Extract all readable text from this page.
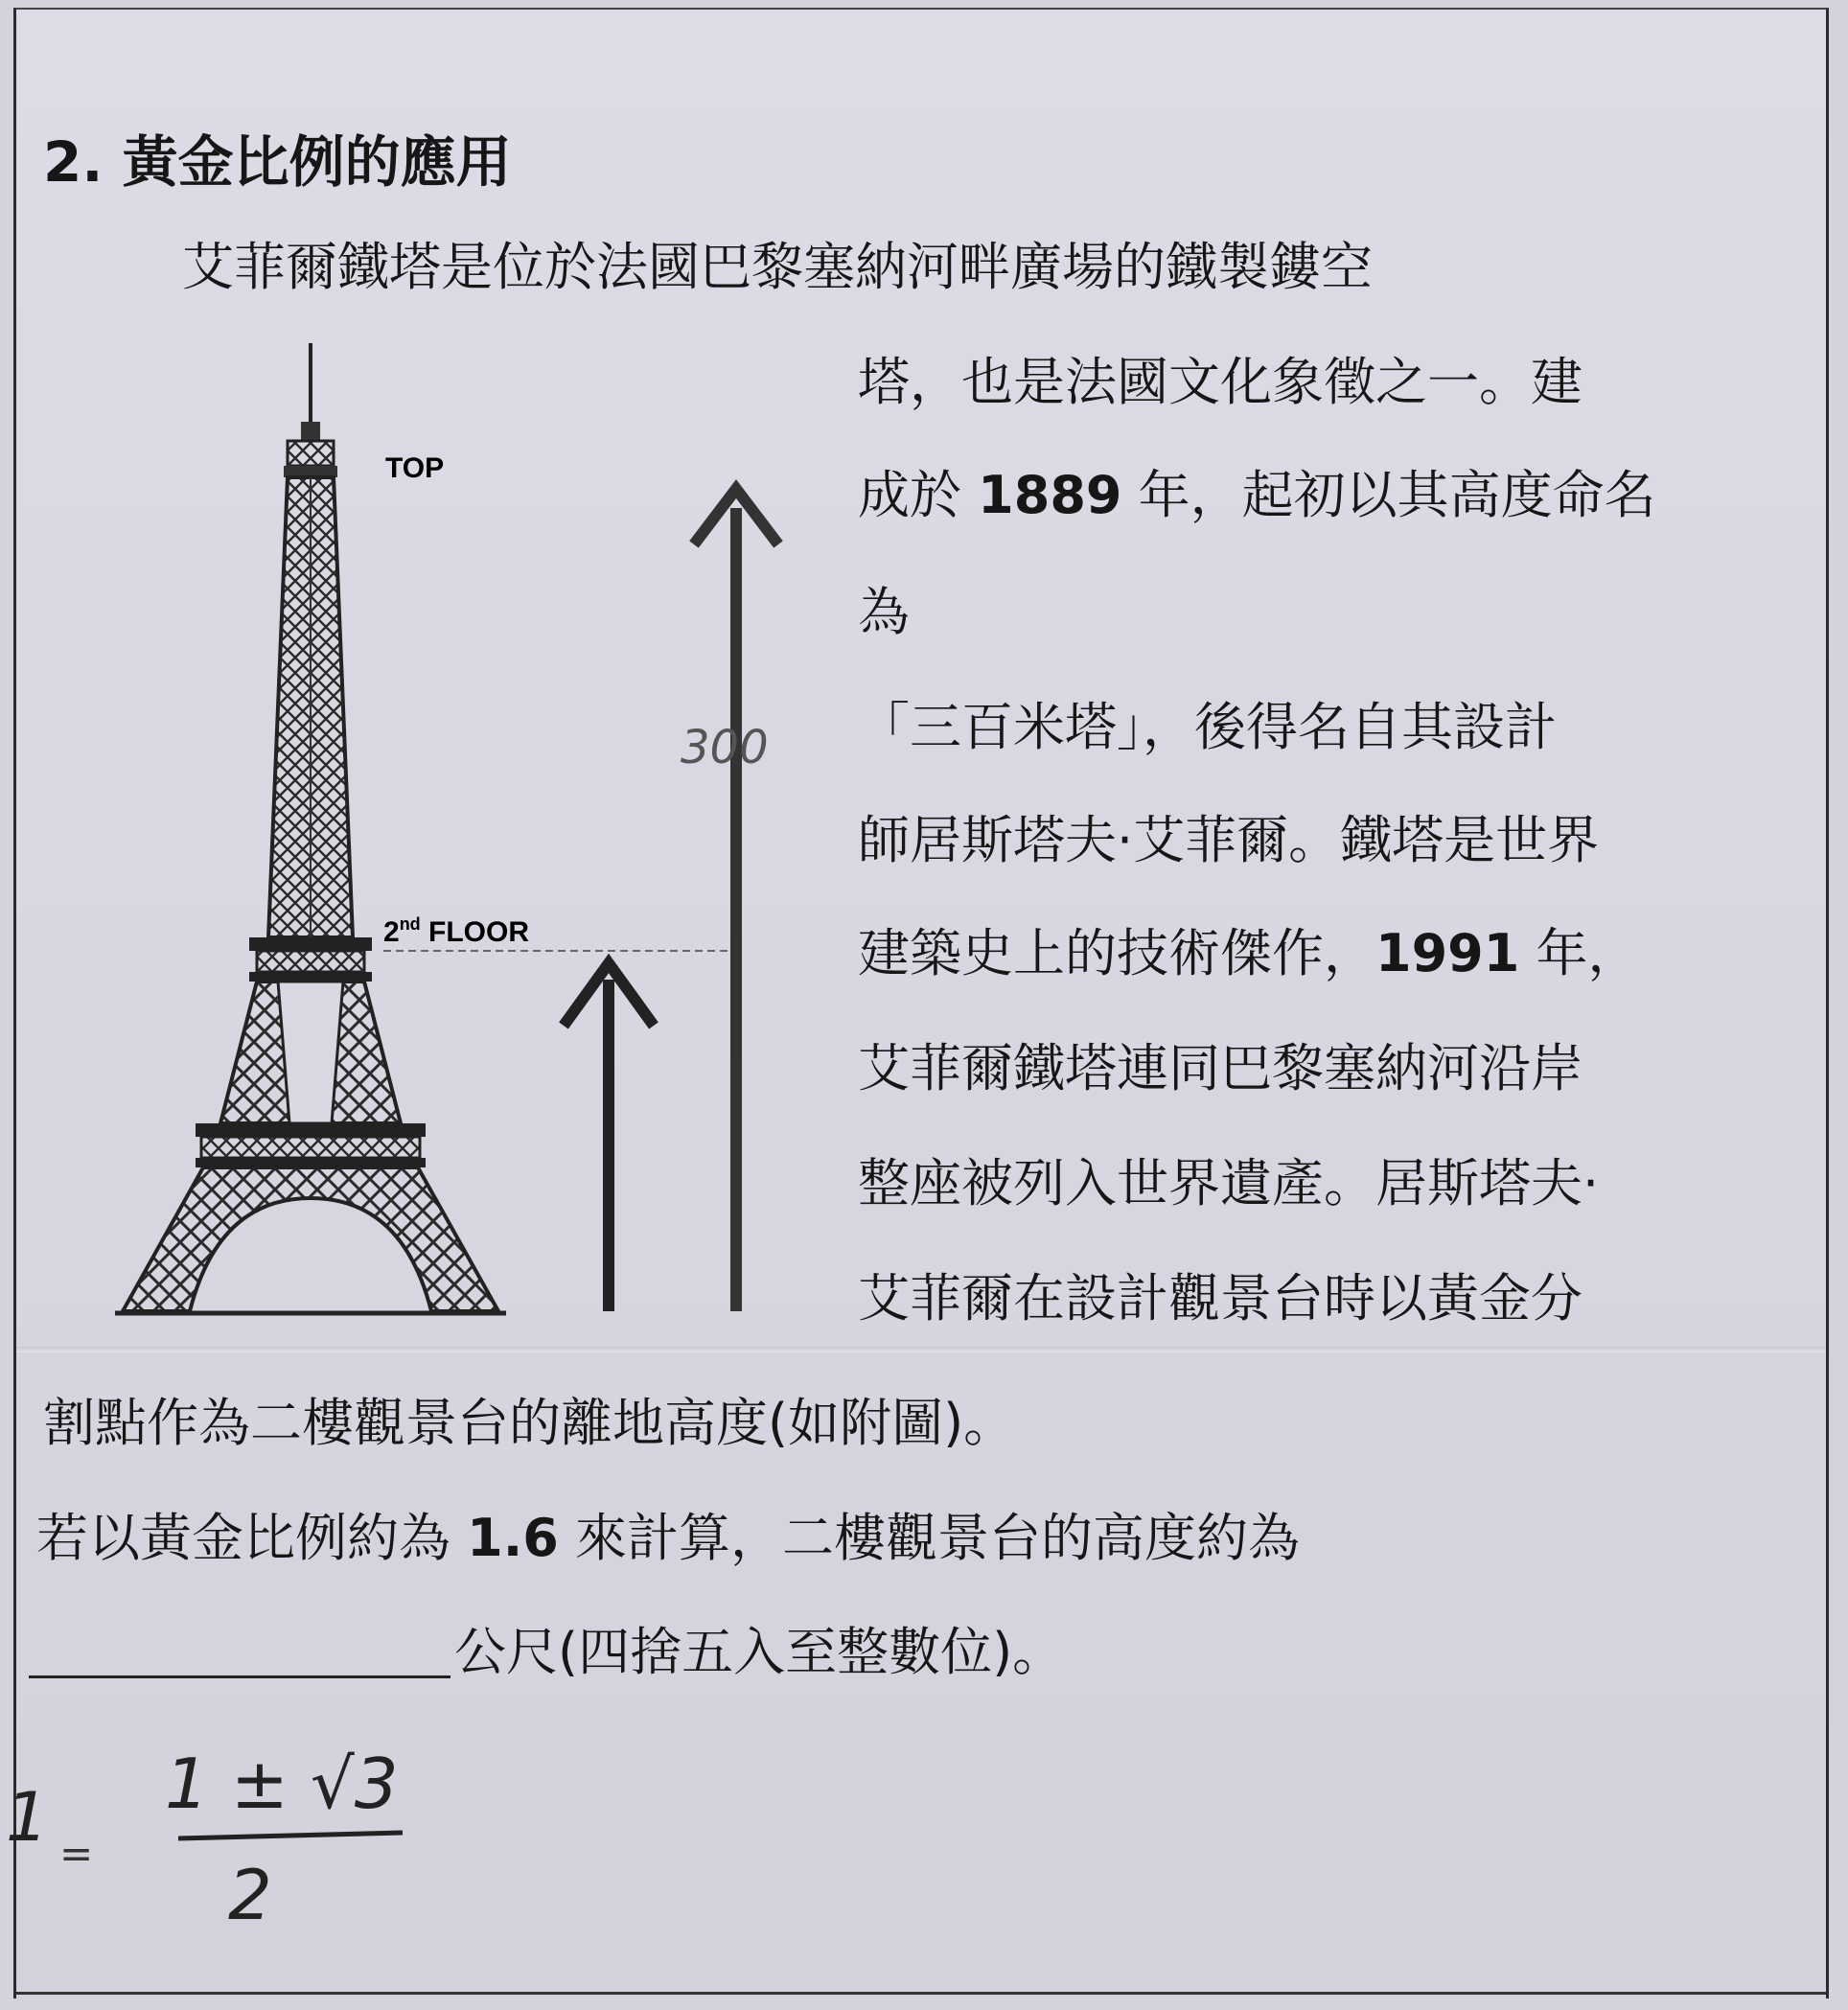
2. 黃金比例的應用
艾菲爾鐵塔是位於法國巴黎塞納河畔廣場的鐵製鏤空
塔，也是法國文化象徵之一。建
成於 1889 年，起初以其高度命名
為
「三百米塔」，後得名自其設計
師居斯塔夫·艾菲爾。鐵塔是世界
建築史上的技術傑作，1991 年，
艾菲爾鐵塔連同巴黎塞納河沿岸
整座被列入世界遺產。居斯塔夫·
艾菲爾在設計觀景台時以黃金分
割點作為二樓觀景台的離地高度(如附圖)。
若以黃金比例約為 1.6 來計算，二樓觀景台的高度約為
公尺(四捨五入至整數位)。
TOP
2nd FLOOR
300
1 =
1 ± √3
2
